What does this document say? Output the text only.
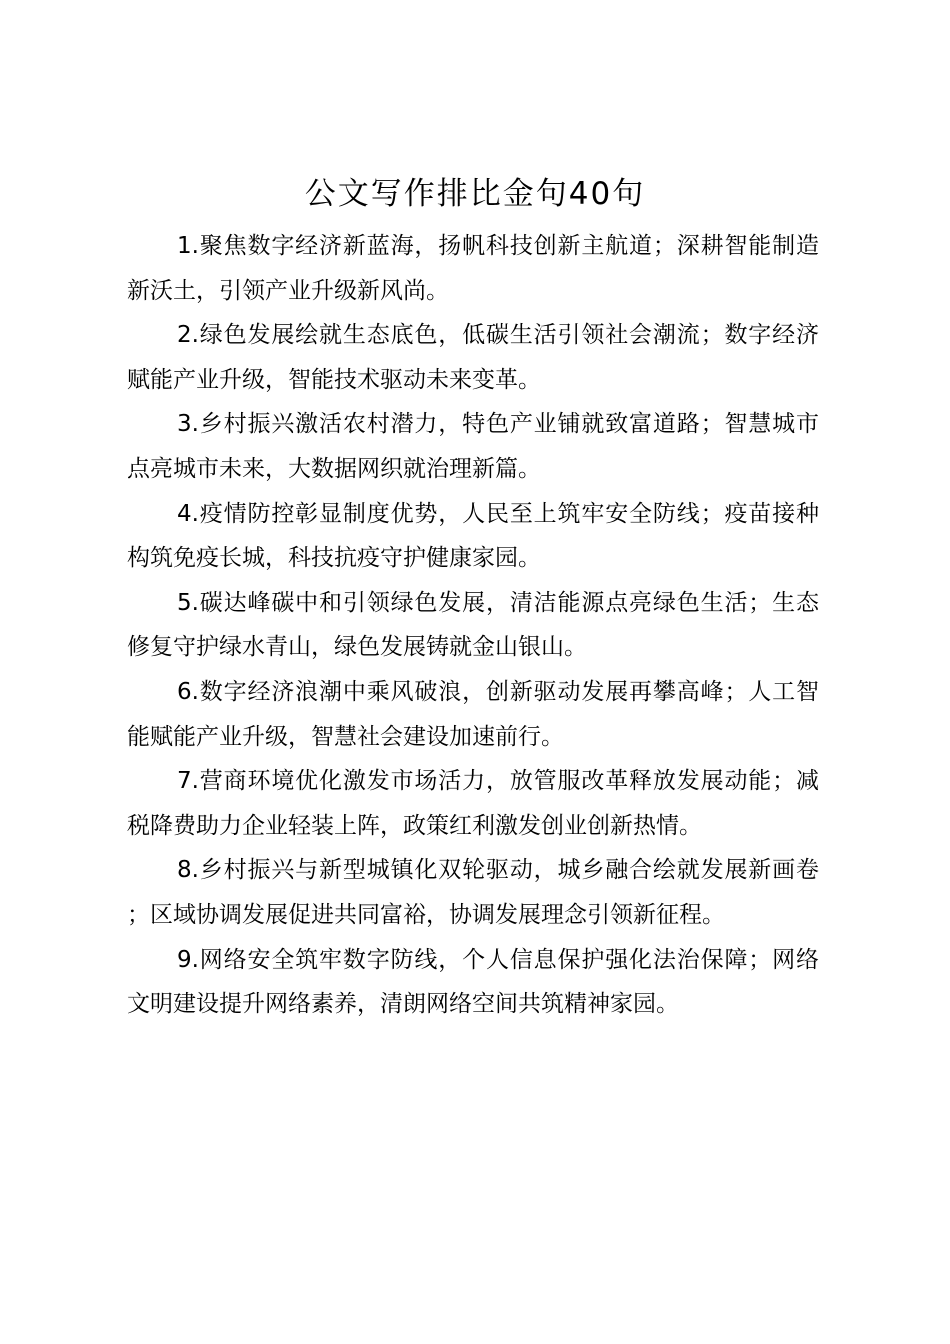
公文写作排比金句40句

1.聚焦数字经济新蓝海，扬帆科技创新主航道；深耕智能制造新沃土，引领产业升级新风尚。

2.绿色发展绘就生态底色，低碳生活引领社会潮流；数字经济赋能产业升级，智能技术驱动未来变革。

3.乡村振兴激活农村潜力，特色产业铺就致富道路；智慧城市点亮城市未来，大数据网织就治理新篇。

4.疫情防控彰显制度优势，人民至上筑牢安全防线；疫苗接种构筑免疫长城，科技抗疫守护健康家园。

5.碳达峰碳中和引领绿色发展，清洁能源点亮绿色生活；生态修复守护绿水青山，绿色发展铸就金山银山。

6.数字经济浪潮中乘风破浪，创新驱动发展再攀高峰；人工智能赋能产业升级，智慧社会建设加速前行。

7.营商环境优化激发市场活力，放管服改革释放发展动能；减税降费助力企业轻装上阵，政策红利激发创业创新热情。

8.乡村振兴与新型城镇化双轮驱动，城乡融合绘就发展新画卷；区域协调发展促进共同富裕，协调发展理念引领新征程。

9.网络安全筑牢数字防线，个人信息保护强化法治保障；网络文明建设提升网络素养，清朗网络空间共筑精神家园。
